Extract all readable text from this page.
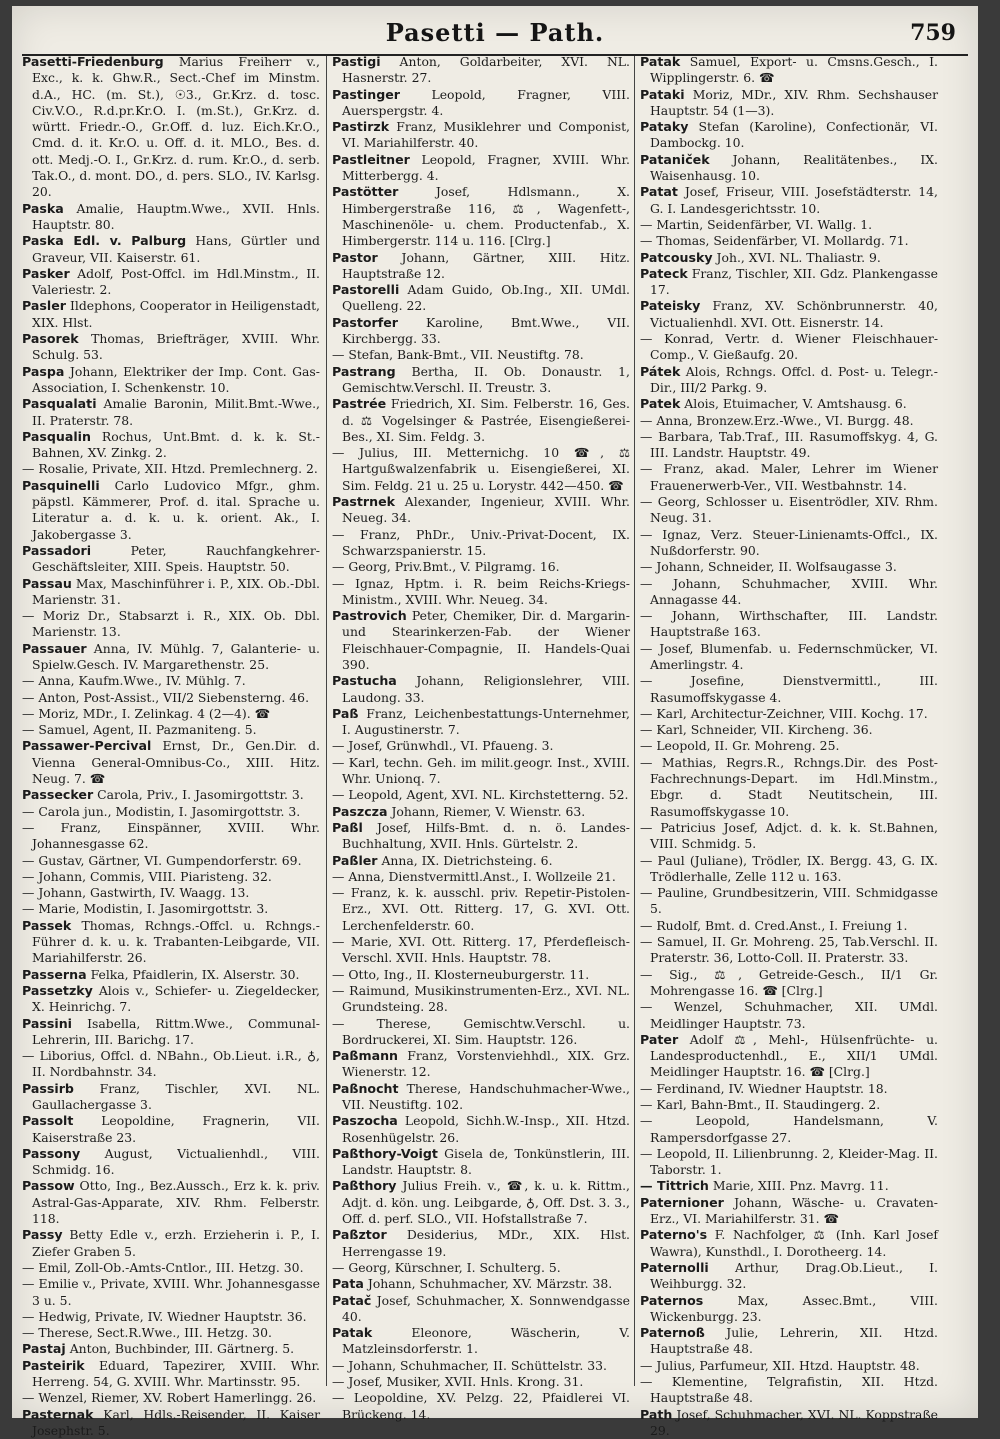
Pasetti — Path.	759

Pasetti-Friedenburg Marius Freiherr v., Exc., k. k. Ghw.R., Sect.-Chef im Minstm. d.A., HC. (m. St.), ☉3., Gr.Krz. d. tosc. Civ.V.O., R.d.pr.Kr.O. I. (m.St.), Gr.Krz. d. württ. Friedr.-O., Gr.Off. d. luz. Eich.Kr.O., Cmd. d. it. Kr.O. u. Off. d. it. MLO., Bes. d. ott. Medj.-O. I., Gr.Krz. d. rum. Kr.O., d. serb. Tak.O., d. mont. DO., d. pers. SLO., IV. Karlsg. 20.

Paska Amalie, Hauptm.Wwe., XVII. Hnls. Hauptstr. 80.

Paska Edl. v. Palburg Hans, Gürtler und Graveur, VII. Kaiserstr. 61.

Pasker Adolf, Post-Offcl. im Hdl.Minstm., II. Valeriestr. 2.

Pasler Ildephons, Cooperator in Heiligenstadt, XIX. Hlst.

Pasorek Thomas, Briefträger, XVIII. Whr. Schulg. 53.

Paspa Johann, Elektriker der Imp. Cont. Gas-Association, I. Schenkenstr. 10.

Pasqualati Amalie Baronin, Milit.Bmt.-Wwe., II. Praterstr. 78.

Pasqualin Rochus, Unt.Bmt. d. k. k. St.-Bahnen, XV. Zinkg. 2.

— Rosalie, Private, XII. Htzd. Premlechnerg. 2.

Pasquinelli Carlo Ludovico Mfgr., ghm. päpstl. Kämmerer, Prof. d. ital. Sprache u. Literatur a. d. k. u. k. orient. Ak., I. Jakobergasse 3.

Passadori	Peter, Rauchfangkehrer-Geschäftsleiter, XIII. Speis. Hauptstr. 50.

Passau Max, Maschinführer i. P., XIX. Ob.-Dbl. Marienstr. 31.

— Moriz Dr., Stabsarzt i. R., XIX. Ob. Dbl. Marienstr. 13.

Passauer Anna, IV. Mühlg. 7, Galanterie- u. Spielw.Gesch. IV. Margarethenstr. 25.

— Anna, Kaufm.Wwe., IV. Mühlg. 7.

— Anton, Post-Assist., VII/2 Siebensterng. 46.

— Moriz, MDr., I. Zelinkag. 4 (2—4). ☎

— Samuel, Agent, II. Pazmaniteng. 5.

Passawer-Percival Ernst, Dr., Gen.Dir. d. Vienna General-Omnibus-Co., XIII. Hitz. Neug. 7. ☎

Passecker Carola, Priv., I. Jasomirgottstr. 3.

— Carola jun., Modistin, I. Jasomirgottstr. 3.

— Franz, Einspänner, XVIII. Whr. Johannesgasse 62.

— Gustav, Gärtner, VI. Gumpendorferstr. 69.

— Johann, Commis, VIII. Piaristeng. 32.

— Johann, Gastwirth, IV. Waagg. 13.

— Marie, Modistin, I. Jasomirgottstr. 3.

Passek Thomas, Rchngs.-Offcl. u. Rchngs.-Führer d. k. u. k. Trabanten-Leibgarde, VII. Mariahilferstr. 26.

Passerna Felka, Pfaidlerin, IX. Alserstr. 30.

Passetzky Alois v., Schiefer- u. Ziegeldecker, X. Heinrichg. 7.

Passini Isabella, Rittm.Wwe., Communal-Lehrerin, III. Barichg. 17.

— Liborius, Offcl. d. NBahn., Ob.Lieut. i.R., ♁, II. Nordbahnstr. 34.

Passirb Franz, Tischler, XVI. NL. Gaullachergasse 3.

Passolt Leopoldine, Fragnerin, VII. Kaiserstraße 23.

Passony August, Victualienhdl., VIII. Schmidg. 16.

Passow Otto, Ing., Bez.Aussch., Erz k. k. priv. Astral-Gas-Apparate, XIV. Rhm. Felberstr. 118.

Passy Betty Edle v., erzh. Erzieherin i. P., I. Ziefer Graben 5.

— Emil, Zoll-Ob.-Amts-Cntlor., III. Hetzg. 30.

— Emilie v., Private, XVIII. Whr. Johannesgasse 3 u. 5.

— Hedwig, Private, IV. Wiedner Hauptstr. 36.

— Therese, Sect.R.Wwe., III. Hetzg. 30.

Pastaj Anton, Buchbinder, III. Gärtnerg. 5.

Pasteirik Eduard, Tapezirer, XVIII. Whr. Herreng. 54, G. XVIII. Whr. Martinsstr. 95.

— Wenzel, Riemer, XV. Robert Hamerlingg. 26.

Pasternak Karl, Hdls.-Reisender, II. Kaiser Josephstr. 5.

Pastigi Anton, Goldarbeiter, XVI. NL. Hasnerstr. 27.

Pastinger	Leopold, Fragner, VIII. Auerspergstr. 4.

Pastirzk Franz, Musiklehrer und Componist, VI. Mariahilferstr. 40.

Pastleitner Leopold, Fragner, XVIII. Whr. Mitterbergg. 4.

Pastötter	Josef, Hdlsmann., X. Himbergerstraße 116, ⚖, Wagenfett-, Maschinenöle- u. chem. Productenfab., X. Himbergerstr. 114 u. 116. [Clrg.]

Pastor Johann, Gärtner, XIII. Hitz. Hauptstraße 12.

Pastorelli Adam Guido, Ob.Ing., XII. UMdl. Quelleng. 22.

Pastorfer Karoline, Bmt.Wwe., VII. Kirchbergg. 33.

— Stefan, Bank-Bmt., VII. Neustiftg. 78.

Pastrang Bertha, II. Ob. Donaustr. 1, Gemischtw.Verschl. II. Treustr. 3.

Pastrée Friedrich, XI. Sim. Felberstr. 16, Ges. d. ⚖ Vogelsinger & Pastrée, Eisengießerei-Bes., XI. Sim. Feldg. 3.

— Julius, III. Metternichg. 10 ☎, ⚖ Hartgußwalzenfabrik u. Eisengießerei, XI. Sim. Feldg. 21 u. 25 u. Lorystr. 442—450. ☎

Pastrnek Alexander, Ingenieur, XVIII. Whr. Neueg. 34.

— Franz, PhDr., Univ.-Privat-Docent, IX. Schwarzspanierstr. 15.

— Georg, Priv.Bmt., V. Pilgramg. 16.

— Ignaz, Hptm. i. R. beim Reichs-Kriegs-Ministm., XVIII. Whr. Neueg. 34.

Pastrovich Peter, Chemiker, Dir. d. Margarin- und Stearinkerzen-Fab. der Wiener Fleischhauer-Compagnie, II. Handels-Quai 390.

Pastucha Johann, Religionslehrer, VIII. Laudong. 33.

Paß Franz, Leichenbestattungs-Unternehmer, I. Augustinerstr. 7.

— Josef, Grünwhdl., VI. Pfaueng. 3.

— Karl, techn. Geh. im milit.geogr. Inst., XVIII. Whr. Unionq. 7.

— Leopold, Agent, XVI. NL. Kirchstetterng. 52.

Paszcza Johann, Riemer, V. Wienstr. 63.

Paßl Josef, Hilfs-Bmt. d. n. ö. Landes-Buchhaltung, XVII. Hnls. Gürtelstr. 2.

Paßler Anna, IX. Dietrichsteing. 6.

— Anna, Dienstvermittl.Anst., I. Wollzeile 21.

— Franz, k. k. ausschl. priv. Repetir-Pistolen-Erz., XVI. Ott. Ritterg. 17, G. XVI. Ott. Lerchenfelderstr. 60.

— Marie, XVI. Ott. Ritterg. 17, Pferdefleisch-Verschl. XVII. Hnls. Hauptstr. 78.

— Otto, Ing., II. Klosterneuburgerstr. 11.

— Raimund, Musikinstrumenten-Erz., XVI. NL. Grundsteing. 28.

— Therese, Gemischtw.Verschl. u. Bordruckerei, XI. Sim. Hauptstr. 126.

Paßmann Franz, Vorstenviehhdl., XIX. Grz. Wienerstr. 12.

Paßnocht Therese, Handschuhmacher-Wwe., VII. Neustiftg. 102.

Paszocha Leopold, Sichh.W.-Insp., XII. Htzd. Rosenhügelstr. 26.

Paßthory-Voigt Gisela de, Tonkünstlerin, III. Landstr. Hauptstr. 8.

Paßthory Julius Freih. v., ☎, k. u. k. Rittm., Adjt. d. kön. ung. Leibgarde, ♁, Off. Dst. 3. 3., Off. d. perf. SLO., VII. Hofstallstraße 7.

Paßztor Desiderius, MDr., XIX. Hlst. Herrengasse 19.

— Georg, Kürschner, I. Schulterg. 5.

Pata Johann, Schuhmacher, XV. Märzstr. 38.

Patač Josef, Schuhmacher, X. Sonnwendgasse 40.

Patak	Eleonore, Wäscherin, V. Matzleinsdorferstr. 1.

— Johann, Schuhmacher, II. Schüttelstr. 33.

— Josef, Musiker, XVII. Hnls. Krong. 31.

— Leopoldine, XV. Pelzg. 22, Pfaidlerei VI. Brückeng. 14.

Patak Samuel, Export- u. Cmsns.Gesch., I. Wipplingerstr. 6. ☎

Pataki Moriz, MDr., XIV. Rhm. Sechshauser Hauptstr. 54 (1—3).

Pataky Stefan (Karoline), Confectionär, VI. Dambockg. 10.

Pataniček Johann, Realitätenbes., IX. Waisenhausg. 10.

Patat Josef, Friseur, VIII. Josefstädterstr. 14, G. I. Landesgerichtsstr. 10.

— Martin, Seidenfärber, VI. Wallg. 1.

— Thomas, Seidenfärber, VI. Mollardg. 71.

Patcousky Joh., XVI. NL. Thaliastr. 9.

Pateck Franz, Tischler, XII. Gdz. Plankengasse 17.

Pateisky Franz, XV. Schönbrunnerstr. 40, Victualienhdl. XVI. Ott. Eisnerstr. 14.

— Konrad, Vertr. d. Wiener Fleischhauer-Comp., V. Gießaufg. 20.

Pátek Alois, Rchngs. Offcl. d. Post- u. Telegr.-Dir., III/2 Parkg. 9.

Patek Alois, Etuimacher, V. Amtshausg. 6.

— Anna, Bronzew.Erz.-Wwe., VI. Burgg. 48.

— Barbara, Tab.Traf., III. Rasumoffskyg. 4, G. III. Landstr. Hauptstr. 49.

— Franz, akad. Maler, Lehrer im Wiener Frauenerwerb-Ver., VII. Westbahnstr. 14.

— Georg, Schlosser u. Eisentrödler, XIV. Rhm. Neug. 31.

— Ignaz, Verz. Steuer-Linienamts-Offcl., IX. Nußdorferstr. 90.

— Johann, Schneider, II. Wolfsaugasse 3.

— Johann, Schuhmacher, XVIII. Whr. Annagasse 44.

— Johann, Wirthschafter, III. Landstr. Hauptstraße 163.

— Josef, Blumenfab. u. Federnschmücker, VI. Amerlingstr. 4.

— Josefine, Dienstvermittl., III. Rasumoffskygasse 4.

— Karl, Architectur-Zeichner, VIII. Kochg. 17.

— Karl, Schneider, VII. Kircheng. 36.

— Leopold, II. Gr. Mohreng. 25.

— Mathias, Regrs.R., Rchngs.Dir. des Post-Fachrechnungs-Depart. im Hdl.Minstm., Ebgr. d. Stadt Neutitschein, III. Rasumoffskygasse 10.

— Patricius Josef, Adjct. d. k. k. St.Bahnen, VIII. Schmidg. 5.

— Paul (Juliane), Trödler, IX. Bergg. 43, G. IX. Trödlerhalle, Zelle 112 u. 163.

— Pauline, Grundbesitzerin, VIII. Schmidgasse 5.

— Rudolf, Bmt. d. Cred.Anst., I. Freiung 1.

— Samuel, II. Gr. Mohreng. 25, Tab.Verschl. II. Praterstr. 36, Lotto-Coll. II. Praterstr. 33.

— Sig., ⚖, Getreide-Gesch., II/1 Gr. Mohrengasse 16. ☎ [Clrg.]

— Wenzel, Schuhmacher, XII. UMdl. Meidlinger Hauptstr. 73.

Pater Adolf ⚖, Mehl-, Hülsenfrüchte- u. Landesproductenhdl., E., XII/1 UMdl. Meidlinger Hauptstr. 16. ☎ [Clrg.]

— Ferdinand, IV. Wiedner Hauptstr. 18.

— Karl, Bahn-Bmt., II. Staudingerg. 2.

— Leopold, Handelsmann, V. Rampersdorfgasse 27.

— Leopold, II. Lilienbrunng. 2, Kleider-Mag. II. Taborstr. 1.

— Tittrich Marie, XIII. Pnz. Mavrg. 11.

Paternioner Johann, Wäsche- u. Cravaten-Erz., VI. Mariahilferstr. 31. ☎

Paterno's F. Nachfolger, ⚖ (Inh. Karl Josef Wawra), Kunsthdl., I. Dorotheerg. 14.

Paternolli Arthur, Drag.Ob.Lieut., I. Weihburgg. 32.

Paternos	Max, Assec.Bmt., VIII. Wickenburgg. 23.

Paternoß Julie, Lehrerin, XII. Htzd. Hauptstraße 48.

— Julius, Parfumeur, XII. Htzd. Hauptstr. 48.

— Klementine, Telgrafistin, XII. Htzd. Hauptstraße 48.

Path Josef, Schuhmacher, XVI. NL. Koppstraße 29.
